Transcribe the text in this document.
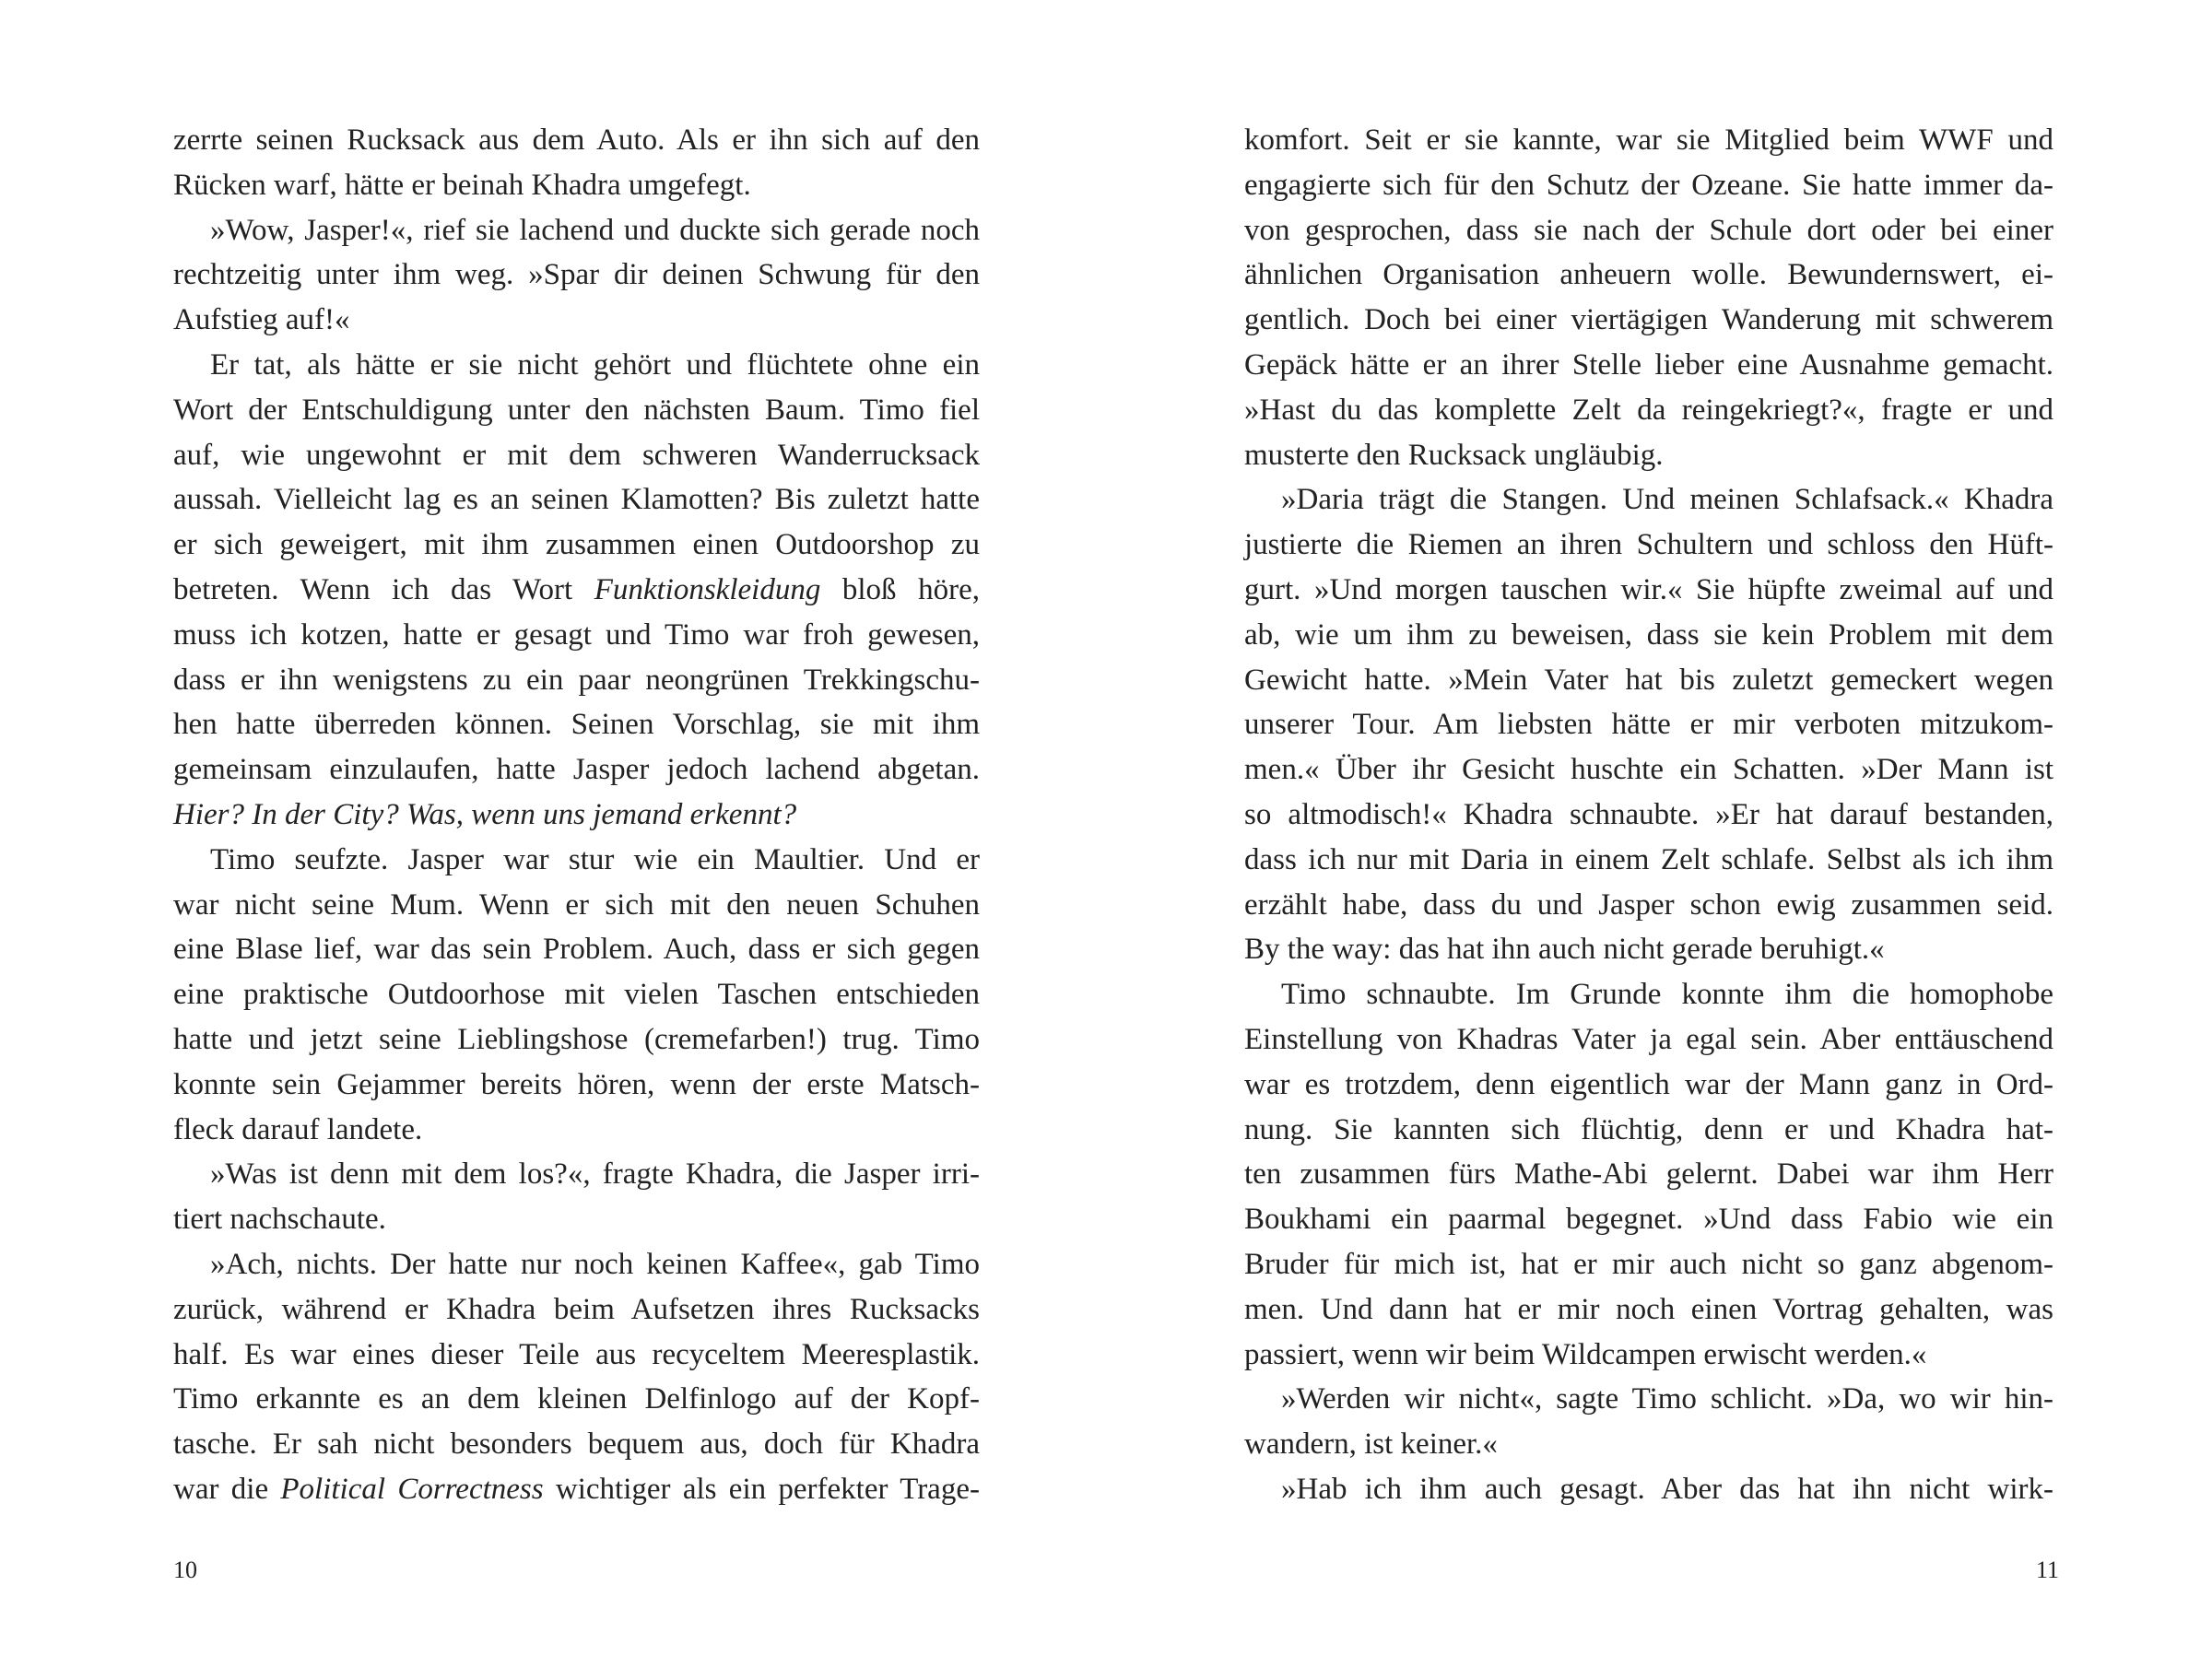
zerrte seinen Rucksack aus dem Auto. Als er ihn sich auf den
Rücken warf, hätte er beinah Khadra umgefegt.
»Wow, Jasper!«, rief sie lachend und duckte sich gerade noch
rechtzeitig unter ihm weg. »Spar dir deinen Schwung für den
Aufstieg auf!«
Er tat, als hätte er sie nicht gehört und flüchtete ohne ein
Wort der Entschuldigung unter den nächsten Baum. Timo fiel
auf, wie ungewohnt er mit dem schweren Wanderrucksack
aussah. Vielleicht lag es an seinen Klamotten? Bis zuletzt hatte
er sich geweigert, mit ihm zusammen einen Outdoorshop zu
betreten. Wenn ich das Wort Funktionskleidung bloß höre,
muss ich kotzen, hatte er gesagt und Timo war froh gewesen,
dass er ihn wenigstens zu ein paar neongrünen Trekkingschu-
hen hatte überreden können. Seinen Vorschlag, sie mit ihm
gemeinsam einzulaufen, hatte Jasper jedoch lachend abgetan.
Hier? In der City? Was, wenn uns jemand erkennt?
Timo seufzte. Jasper war stur wie ein Maultier. Und er
war nicht seine Mum. Wenn er sich mit den neuen Schuhen
eine Blase lief, war das sein Problem. Auch, dass er sich gegen
eine praktische Outdoorhose mit vielen Taschen entschieden
hatte und jetzt seine Lieblingshose (cremefarben!) trug. Timo
konnte sein Gejammer bereits hören, wenn der erste Matsch-
fleck darauf landete.
»Was ist denn mit dem los?«, fragte Khadra, die Jasper irri-
tiert nachschaute.
»Ach, nichts. Der hatte nur noch keinen Kaffee«, gab Timo
zurück, während er Khadra beim Aufsetzen ihres Rucksacks
half. Es war eines dieser Teile aus recyceltem Meeresplastik.
Timo erkannte es an dem kleinen Delfinlogo auf der Kopf-
tasche. Er sah nicht besonders bequem aus, doch für Khadra
war die Political Correctness wichtiger als ein perfekter Trage-
10
komfort. Seit er sie kannte, war sie Mitglied beim WWF und
engagierte sich für den Schutz der Ozeane. Sie hatte immer da-
von gesprochen, dass sie nach der Schule dort oder bei einer
ähnlichen Organisation anheuern wolle. Bewundernswert, ei-
gentlich. Doch bei einer viertägigen Wanderung mit schwerem
Gepäck hätte er an ihrer Stelle lieber eine Ausnahme gemacht.
»Hast du das komplette Zelt da reingekriegt?«, fragte er und
musterte den Rucksack ungläubig.
»Daria trägt die Stangen. Und meinen Schlafsack.« Khadra
justierte die Riemen an ihren Schultern und schloss den Hüft-
gurt. »Und morgen tauschen wir.« Sie hüpfte zweimal auf und
ab, wie um ihm zu beweisen, dass sie kein Problem mit dem
Gewicht hatte. »Mein Vater hat bis zuletzt gemeckert wegen
unserer Tour. Am liebsten hätte er mir verboten mitzukom-
men.« Über ihr Gesicht huschte ein Schatten. »Der Mann ist
so altmodisch!« Khadra schnaubte. »Er hat darauf bestanden,
dass ich nur mit Daria in einem Zelt schlafe. Selbst als ich ihm
erzählt habe, dass du und Jasper schon ewig zusammen seid.
By the way: das hat ihn auch nicht gerade beruhigt.«
Timo schnaubte. Im Grunde konnte ihm die homophobe
Einstellung von Khadras Vater ja egal sein. Aber enttäuschend
war es trotzdem, denn eigentlich war der Mann ganz in Ord-
nung. Sie kannten sich flüchtig, denn er und Khadra hat-
ten zusammen fürs Mathe-Abi gelernt. Dabei war ihm Herr
Boukhami ein paarmal begegnet. »Und dass Fabio wie ein
Bruder für mich ist, hat er mir auch nicht so ganz abgenom-
men. Und dann hat er mir noch einen Vortrag gehalten, was
passiert, wenn wir beim Wildcampen erwischt werden.«
»Werden wir nicht«, sagte Timo schlicht. »Da, wo wir hin-
wandern, ist keiner.«
»Hab ich ihm auch gesagt. Aber das hat ihn nicht wirk-
11
